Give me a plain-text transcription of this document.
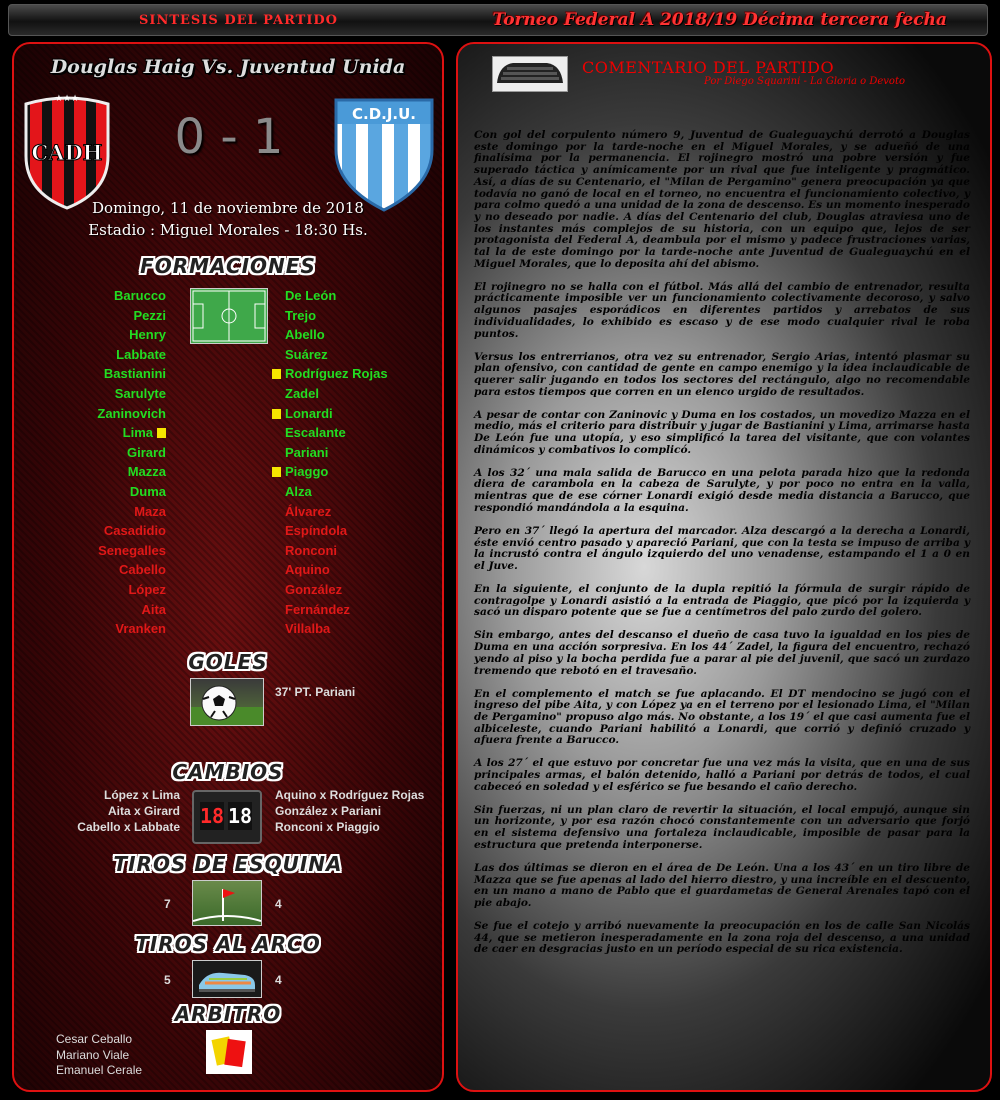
SINTESIS DEL PARTIDO	Torneo Federal A 2018/19 Décima tercera fecha
Douglas Haig Vs. Juventud Unida
★★★
CADH 0 - 1	C.D.J.U.
Domingo, 11 de noviembre de 2018
Estadio : Miguel Morales - 18:30 Hs.
FORMACIONES
Barucco
Pezzi
Henry
Labbate
Bastianini
Sarulyte
Zaninovich
Lima
Girard
Mazza
Duma
Maza
Casadidio
Senegalles
Cabello
López
Aita
Vranken
De León
Trejo
Abello
Suárez
Rodríguez Rojas
Zadel
Lonardi
Escalante
Pariani
Piaggo
Alza
Álvarez
Espíndola
Ronconi
Aquino
González
Fernández
Villalba
GOLES
37' PT. Pariani
CAMBIOS
López x Lima
Aita x Girard
Cabello x Labbate
Aquino x Rodríguez Rojas
González x Pariani
Ronconi x Piaggio
18 18
TIROS DE ESQUINA
7	4
TIROS AL ARCO
5	4
ARBITRO
Cesar Ceballo
Mariano Viale
Emanuel Cerale
COMENTARIO DEL PARTIDO
Por Diego Squarini - La Gloria o Devoto

Con gol del corpulento número 9, Juventud de Gualeguaychú derrotó a Douglas este domingo por la tarde-noche en el Miguel Morales, y se adueñó de una finalísima por la permanencia. El rojinegro mostró una pobre versión y fue superado táctica y anímicamente por un rival que fue inteligente y pragmático. Así, a días de su Centenario, el "Milan de Pergamino" genera preocupación ya que todavía no ganó de local en el torneo, no encuentra el funcionamiento colectivo, y para colmo quedó a una unidad de la zona de descenso. Es un momento inesperado y no deseado por nadie. A días del Centenario del club, Douglas atraviesa uno de los instantes más complejos de su historia, con un equipo que, lejos de ser protagonista del Federal A, deambula por el mismo y padece frustraciones varias, tal la de este domingo por la tarde-noche ante Juventud de Gualeguaychú en el Miguel Morales, que lo deposita ahí del abismo.

El rojinegro no se halla con el fútbol. Más allá del cambio de entrenador, resulta prácticamente imposible ver un funcionamiento colectivamente decoroso, y salvo algunos pasajes esporádicos en diferentes partidos y arrebatos de sus individualidades, lo exhibido es escaso y de ese modo cualquier rival le roba puntos.

Versus los entrerrianos, otra vez su entrenador, Sergio Arias, intentó plasmar su plan ofensivo, con cantidad de gente en campo enemigo y la idea inclaudicable de querer salir jugando en todos los sectores del rectángulo, algo no recomendable para estos tiempos que corren en un elenco urgido de resultados.

A pesar de contar con Zaninovic y Duma en los costados, un movedizo Mazza en el medio, más el criterio para distribuir y jugar de Bastianini y Lima, arrimarse hasta De León fue una utopía, y eso simplificó la tarea del visitante, que con volantes dinámicos y combativos lo complicó.

A los 32´ una mala salida de Barucco en una pelota parada hizo que la redonda diera de carambola en la cabeza de Sarulyte, y por poco no entra en la valla, mientras que de ese córner Lonardi exigió desde media distancia a Barucco, que respondió mandándola a la esquina.

Pero en 37´ llegó la apertura del marcador. Alza descargó a la derecha a Lonardi, éste envió centro pasado y apareció Pariani, que con la testa se impuso de arriba y la incrustó contra el ángulo izquierdo del uno venadense, estampando el 1 a 0 en el Juve.

En la siguiente, el conjunto de la dupla repitió la fórmula de surgir rápido de contragolpe y Lonardi asistió a la entrada de Piaggio, que picó por la izquierda y sacó un disparo potente que se fue a centímetros del palo zurdo del golero.

Sin embargo, antes del descanso el dueño de casa tuvo la igualdad en los pies de Duma en una acción sorpresiva. En los 44´ Zadel, la figura del encuentro, rechazó yendo al piso y la bocha perdida fue a parar al pie del juvenil, que sacó un zurdazo tremendo que rebotó en el travesaño.

En el complemento el match se fue aplacando. El DT mendocino se jugó con el ingreso del pibe Aita, y con López ya en el terreno por el lesionado Lima, el "Milan de Pergamino" propuso algo más. No obstante, a los 19´ el que casi aumenta fue el albiceleste, cuando Pariani habilitó a Lonardi, que corrió y definió cruzado y afuera frente a Barucco.

A los 27´ el que estuvo por concretar fue una vez más la visita, que en una de sus principales armas, el balón detenido, halló a Pariani por detrás de todos, el cual cabeceó en soledad y el esférico se fue besando el caño derecho.

Sin fuerzas, ni un plan claro de revertir la situación, el local empujó, aunque sin un horizonte, y por esa razón chocó constantemente con un adversario que forjó en el sistema defensivo una fortaleza inclaudicable, imposible de pasar para la estructura que pretenda interponerse.

Las dos últimas se dieron en el área de De León. Una a los 43´ en un tiro libre de Mazza que se fue apenas al lado del hierro diestro, y una increíble en el descuento, en un mano a mano de Pablo que el guardametas de General Arenales tapó con el pie abajo.

Se fue el cotejo y arribó nuevamente la preocupación en los de calle San Nicolás 44, que se metieron inesperadamente en la zona roja del descenso, a una unidad de caer en desgracias justo en un período especial de su rica existencia.
